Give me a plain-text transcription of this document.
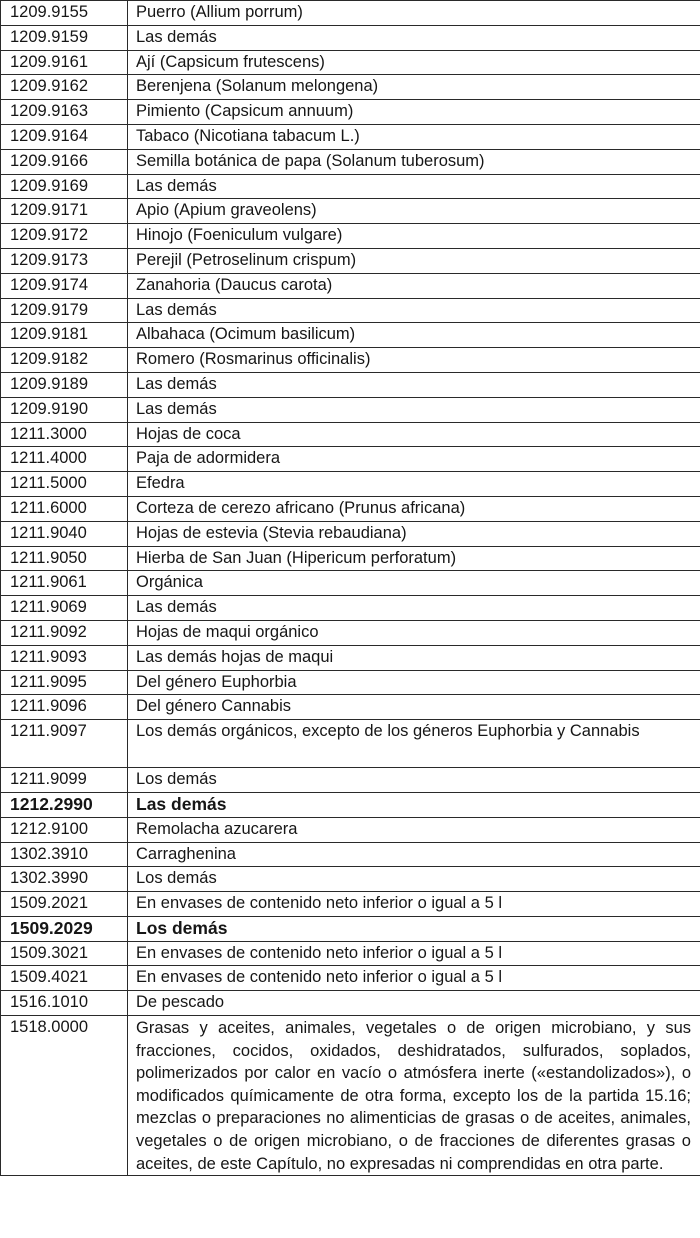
1209.9155	Puerro (Allium porrum)
1209.9159	Las demás
1209.9161	Ají (Capsicum frutescens)
1209.9162	Berenjena (Solanum melongena)
1209.9163	Pimiento (Capsicum annuum)
1209.9164	Tabaco (Nicotiana tabacum L.)
1209.9166	Semilla botánica de papa (Solanum tuberosum)
1209.9169	Las demás
1209.9171	Apio (Apium graveolens)
1209.9172	Hinojo (Foeniculum vulgare)
1209.9173	Perejil (Petroselinum crispum)
1209.9174	Zanahoria (Daucus carota)
1209.9179	Las demás
1209.9181	Albahaca (Ocimum basilicum)
1209.9182	Romero (Rosmarinus officinalis)
1209.9189	Las demás
1209.9190	Las demás
1211.3000	Hojas de coca
1211.4000	Paja de adormidera
1211.5000	Efedra
1211.6000	Corteza de cerezo africano (Prunus africana)
1211.9040	Hojas de estevia (Stevia rebaudiana)
1211.9050	Hierba de San Juan (Hipericum perforatum)
1211.9061	Orgánica
1211.9069	Las demás
1211.9092	Hojas de maqui orgánico
1211.9093	Las demás hojas de maqui
1211.9095	Del género Euphorbia
1211.9096	Del género Cannabis
1211.9097	Los demás orgánicos, excepto de los géneros Euphorbia y Cannabis
1211.9099	Los demás
1212.2990	Las demás
1212.9100	Remolacha azucarera
1302.3910	Carraghenina
1302.3990	Los demás
1509.2021	En envases de contenido neto inferior o igual a 5 l
1509.2029	Los demás
1509.3021	En envases de contenido neto inferior o igual a 5 l
1509.4021	En envases de contenido neto inferior o igual a 5 l
1516.1010	De pescado
1518.0000	Grasas y aceites, animales, vegetales o de origen microbiano, y sus fracciones, cocidos, oxidados, deshidratados, sulfurados, soplados, polimerizados por calor en vacío o atmósfera inerte («estandolizados»), o modificados químicamente de otra forma, excepto los de la partida 15.16; mezclas o preparaciones no alimenticias de grasas o de aceites, animales, vegetales o de origen microbiano, o de fracciones de diferentes grasas o aceites, de este Capítulo, no expresadas ni comprendidas en otra parte.
